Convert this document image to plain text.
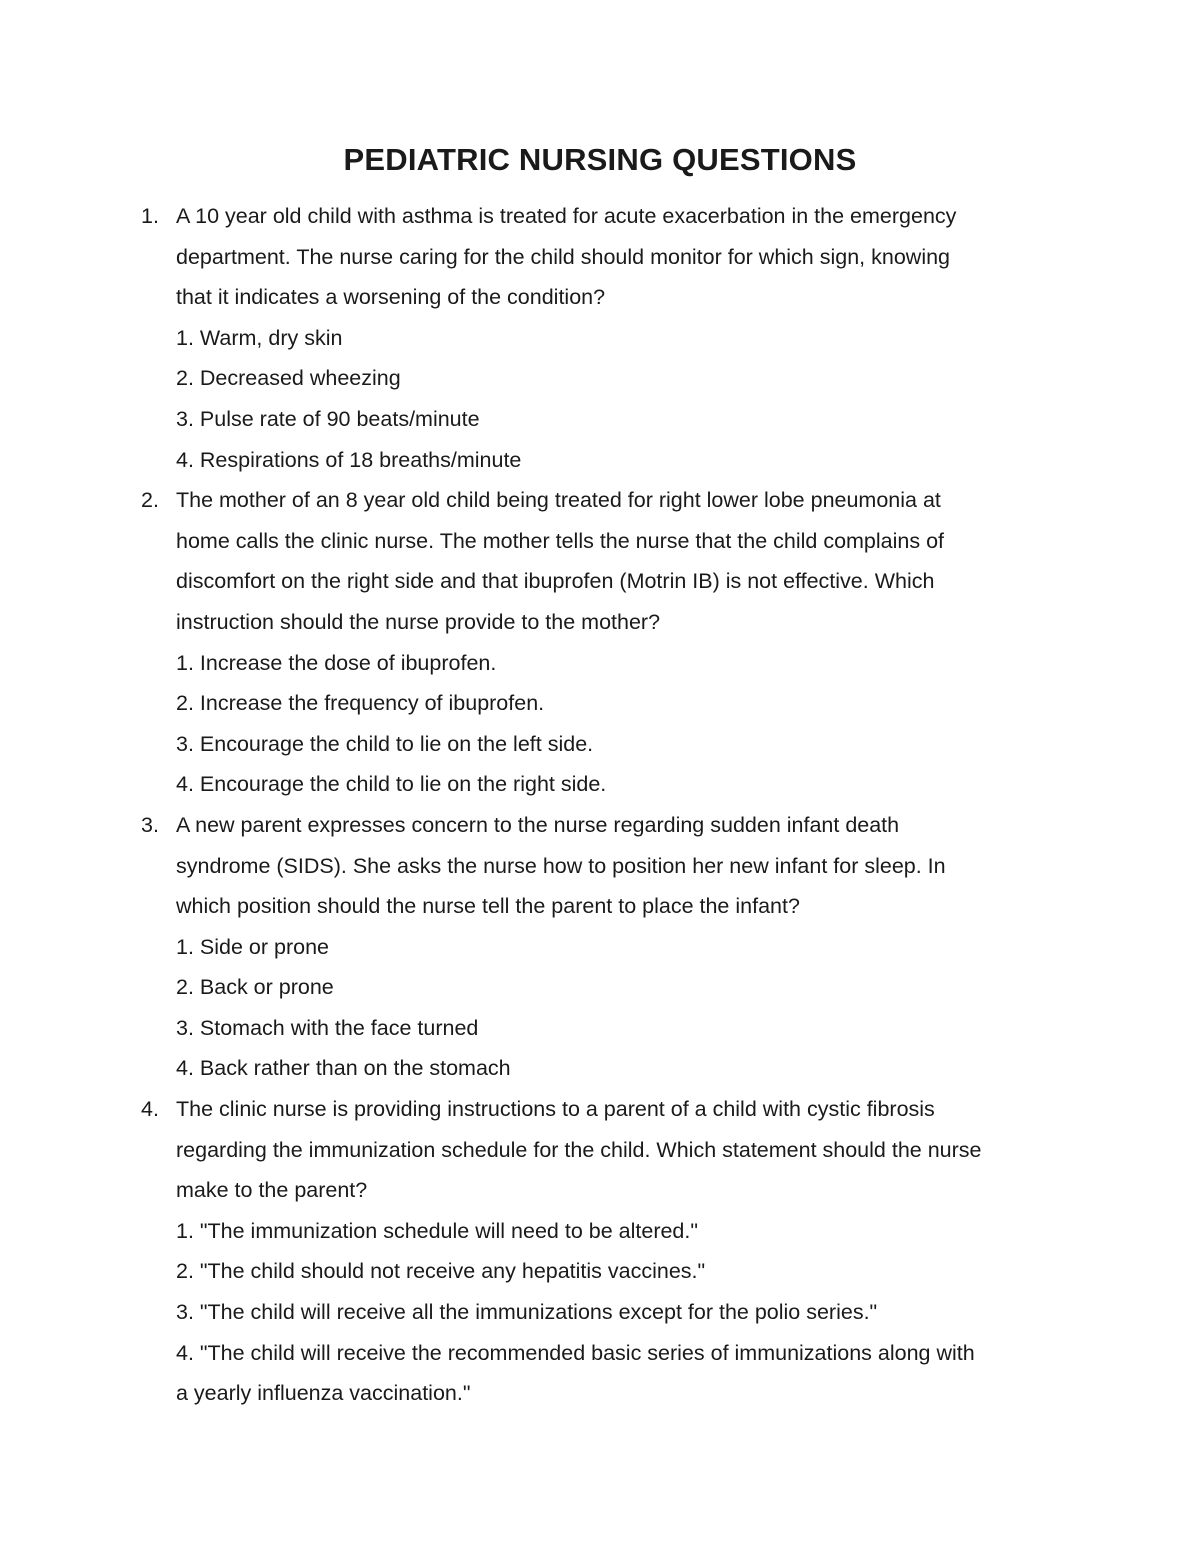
PEDIATRIC NURSING QUESTIONS
1. A 10 year old child with asthma is treated for acute exacerbation in the emergency
department. The nurse caring for the child should monitor for which sign, knowing
that it indicates a worsening of the condition?
1. Warm, dry skin
2. Decreased wheezing
3. Pulse rate of 90 beats/minute
4. Respirations of 18 breaths/minute
2. The mother of an 8 year old child being treated for right lower lobe pneumonia at
home calls the clinic nurse. The mother tells the nurse that the child complains of
discomfort on the right side and that ibuprofen (Motrin IB) is not effective. Which
instruction should the nurse provide to the mother?
1. Increase the dose of ibuprofen.
2. Increase the frequency of ibuprofen.
3. Encourage the child to lie on the left side.
4. Encourage the child to lie on the right side.
3. A new parent expresses concern to the nurse regarding sudden infant death
syndrome (SIDS). She asks the nurse how to position her new infant for sleep. In
which position should the nurse tell the parent to place the infant?
1. Side or prone
2. Back or prone
3. Stomach with the face turned
4. Back rather than on the stomach
4. The clinic nurse is providing instructions to a parent of a child with cystic fibrosis
regarding the immunization schedule for the child. Which statement should the nurse
make to the parent?
1. "The immunization schedule will need to be altered."
2. "The child should not receive any hepatitis vaccines."
3. "The child will receive all the immunizations except for the polio series."
4. "The child will receive the recommended basic series of immunizations along with
a yearly influenza vaccination."
